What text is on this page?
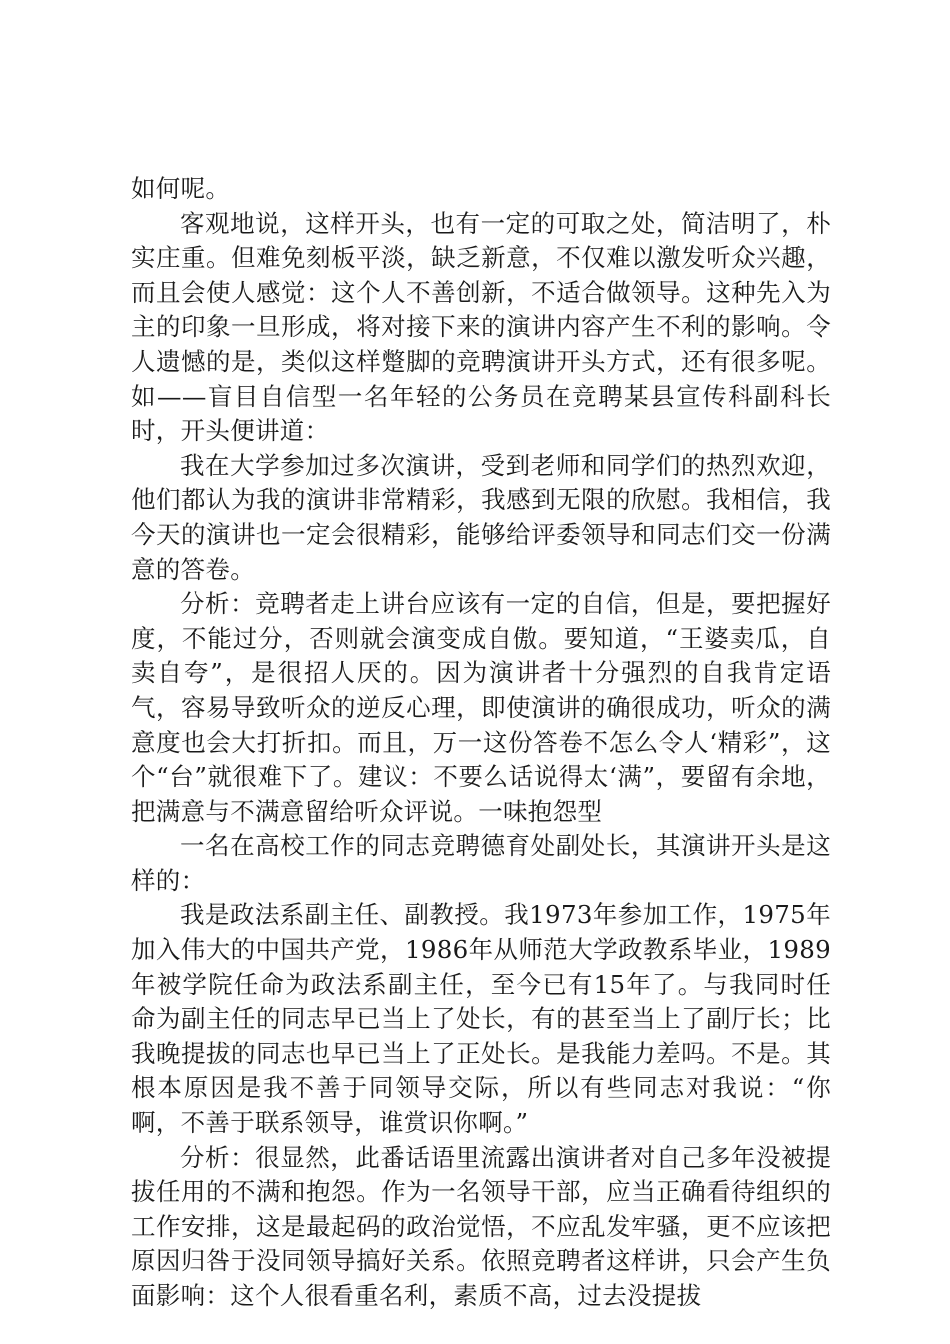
如何呢。

客观地说，这样开头，也有一定的可取之处，简洁明了，朴实庄重。但难免刻板平淡，缺乏新意，不仅难以激发听众兴趣，而且会使人感觉：这个人不善创新，不适合做领导。这种先入为主的印象一旦形成，将对接下来的演讲内容产生不利的影响。令人遗憾的是，类似这样蹩脚的竞聘演讲开头方式，还有很多呢。如——盲目自信型一名年轻的公务员在竞聘某县宣传科副科长时，开头便讲道：

我在大学参加过多次演讲，受到老师和同学们的热烈欢迎，他们都认为我的演讲非常精彩，我感到无限的欣慰。我相信，我今天的演讲也一定会很精彩，能够给评委领导和同志们交一份满意的答卷。

分析：竞聘者走上讲台应该有一定的自信，但是，要把握好度，不能过分，否则就会演变成自傲。要知道，“王婆卖瓜，自卖自夸”，是很招人厌的。因为演讲者十分强烈的自我肯定语气，容易导致听众的逆反心理，即使演讲的确很成功，听众的满意度也会大打折扣。而且，万一这份答卷不怎么令人‘精彩”，这个“台”就很难下了。建议：不要么话说得太‘满”，要留有余地，把满意与不满意留给听众评说。一味抱怨型

一名在高校工作的同志竞聘德育处副处长，其演讲开头是这样的：

我是政法系副主任、副教授。我1973年参加工作，1975年加入伟大的中国共产党，1986年从师范大学政教系毕业，1989年被学院任命为政法系副主任，至今已有15年了。与我同时任命为副主任的同志早已当上了处长，有的甚至当上了副厅长；比我晚提拔的同志也早已当上了正处长。是我能力差吗。不是。其根本原因是我不善于同领导交际，所以有些同志对我说：“你啊，不善于联系领导，谁赏识你啊。”

分析：很显然，此番话语里流露出演讲者对自己多年没被提拔任用的不满和抱怨。作为一名领导干部，应当正确看待组织的工作安排，这是最起码的政治觉悟，不应乱发牢骚，更不应该把原因归咎于没同领导搞好关系。依照竞聘者这样讲，只会产生负面影响：这个人很看重名利，素质不高，过去没提拔
